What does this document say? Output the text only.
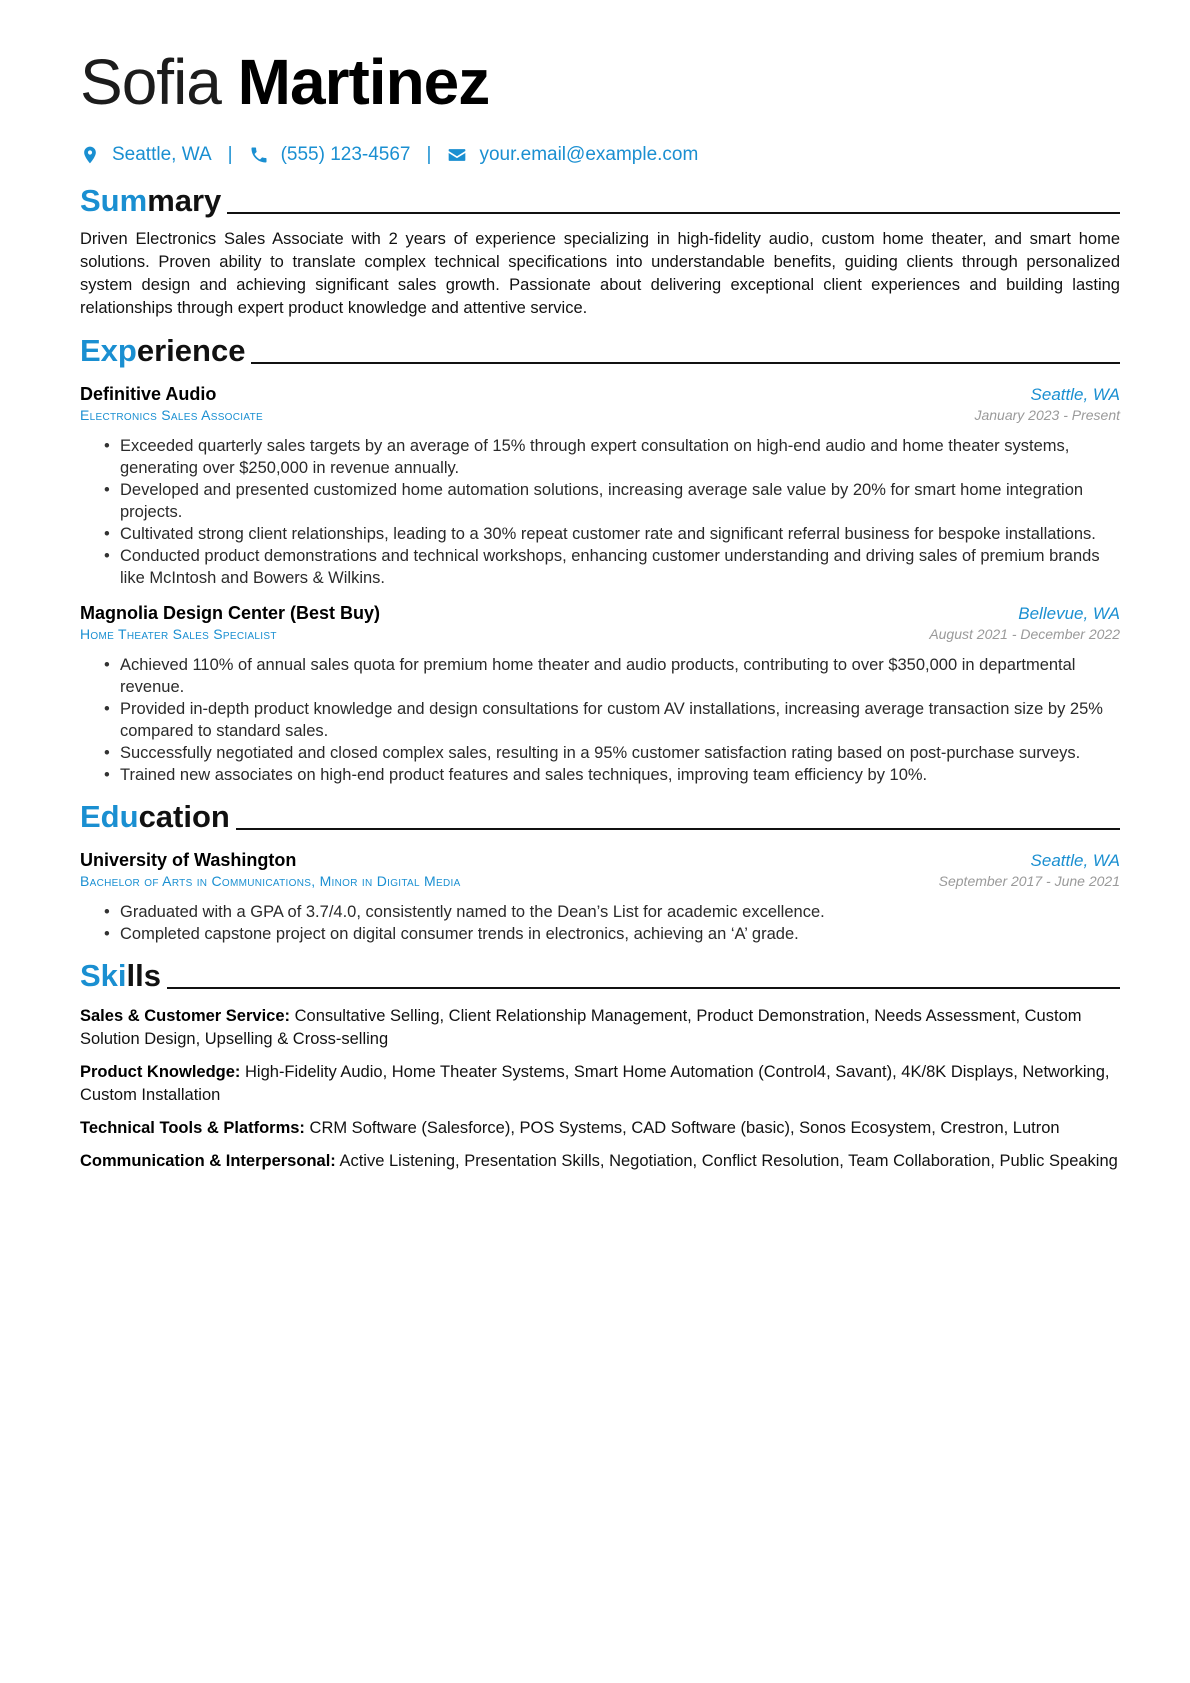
Sofia Martinez
Seattle, WA |	(555) 123-4567 |	your.email@example.com
Summary
Driven Electronics Sales Associate with 2 years of experience specializing in high-fidelity audio, custom home theater, and smart home solutions. Proven ability to translate complex technical specifications into understandable benefits, guiding clients through personalized system design and achieving significant sales growth. Passionate about delivering exceptional client experiences and building lasting relationships through expert product knowledge and attentive service.
Experience
Definitive Audio	Seattle, WA
Electronics Sales Associate	January 2023 - Present
• Exceeded quarterly sales targets by an average of 15% through expert consultation on high-end audio and home theater systems, generating over $250,000 in revenue annually.
• Developed and presented customized home automation solutions, increasing average sale value by 20% for smart home integration projects.
• Cultivated strong client relationships, leading to a 30% repeat customer rate and significant referral business for bespoke installations.
• Conducted product demonstrations and technical workshops, enhancing customer understanding and driving sales of premium brands like McIntosh and Bowers & Wilkins.
Magnolia Design Center (Best Buy)	Bellevue, WA
Home Theater Sales Specialist	August 2021 - December 2022
• Achieved 110% of annual sales quota for premium home theater and audio products, contributing to over $350,000 in departmental revenue.
• Provided in-depth product knowledge and design consultations for custom AV installations, increasing average transaction size by 25% compared to standard sales.
• Successfully negotiated and closed complex sales, resulting in a 95% customer satisfaction rating based on post-purchase surveys.
• Trained new associates on high-end product features and sales techniques, improving team efficiency by 10%.
Education
University of Washington	Seattle, WA
Bachelor of Arts in Communications, Minor in Digital Media	September 2017 - June 2021
• Graduated with a GPA of 3.7/4.0, consistently named to the Dean’s List for academic excellence.
• Completed capstone project on digital consumer trends in electronics, achieving an ‘A’ grade.
Skills
Sales & Customer Service: Consultative Selling, Client Relationship Management, Product Demonstration, Needs Assessment, Custom Solution Design, Upselling & Cross-selling
Product Knowledge: High-Fidelity Audio, Home Theater Systems, Smart Home Automation (Control4, Savant), 4K/8K Displays, Networking, Custom Installation
Technical Tools & Platforms: CRM Software (Salesforce), POS Systems, CAD Software (basic), Sonos Ecosystem, Crestron, Lutron
Communication & Interpersonal: Active Listening, Presentation Skills, Negotiation, Conflict Resolution, Team Collaboration, Public Speaking
